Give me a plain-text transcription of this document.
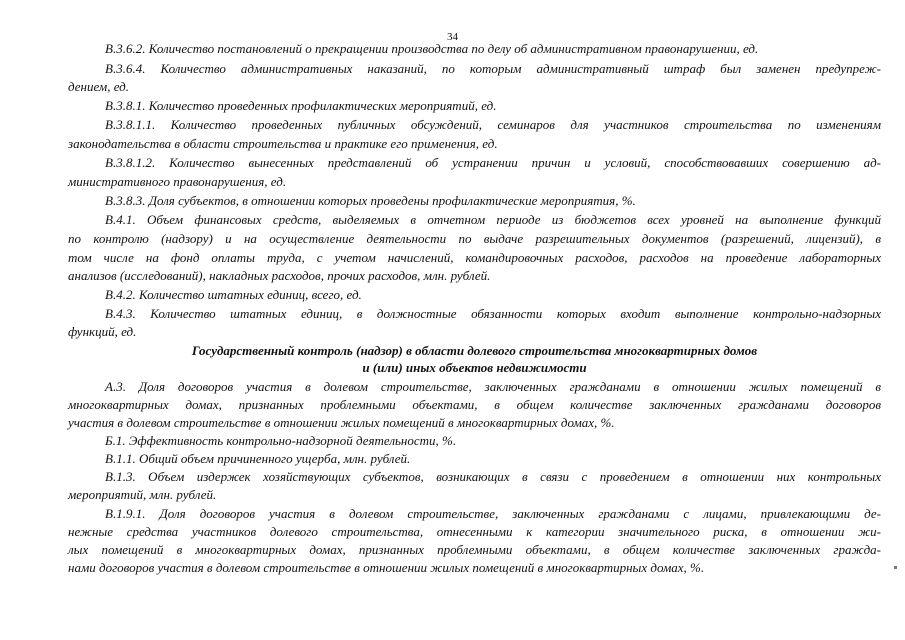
34
В.3.6.2. Количество постановлений о прекращении производства по делу об административном правонарушении, ед.
В.3.6.4. Количество административных наказаний, по которым административный штраф был заменен предупреж-
дением, ед.
В.3.8.1. Количество проведенных профилактических мероприятий, ед.
В.3.8.1.1. Количество проведенных публичных обсуждений, семинаров для участников строительства по изменениям
законодательства в области строительства и практике его применения, ед.
В.3.8.1.2. Количество вынесенных представлений об устранении причин и условий, способствовавших совершению ад-
министративного правонарушения, ед.
В.3.8.3. Доля субъектов, в отношении которых проведены профилактические мероприятия, %.
В.4.1. Объем финансовых средств, выделяемых в отчетном периоде из бюджетов всех уровней на выполнение функций
по контролю (надзору) и на осуществление деятельности по выдаче разрешительных документов (разрешений, лицензий), в
том числе на фонд оплаты труда, с учетом начислений, командировочных расходов, расходов на проведение лабораторных
анализов (исследований), накладных расходов, прочих расходов, млн. рублей.
В.4.2. Количество штатных единиц, всего, ед.
В.4.3. Количество штатных единиц, в должностные обязанности которых входит выполнение контрольно-надзорных
функций, ед.
Государственный контроль (надзор) в области долевого строительства многоквартирных домов
и (или) иных объектов недвижимости
А.3. Доля договоров участия в долевом строительстве, заключенных гражданами в отношении жилых помещений в
многоквартирных домах, признанных проблемными объектами, в общем количестве заключенных гражданами договоров
участия в долевом строительстве в отношении жилых помещений в многоквартирных домах, %.
Б.1. Эффективность контрольно-надзорной деятельности, %.
В.1.1. Общий объем причиненного ущерба, млн. рублей.
В.1.3. Объем издержек хозяйствующих субъектов, возникающих в связи с проведением в отношении них контрольных
мероприятий, млн. рублей.
В.1.9.1. Доля договоров участия в долевом строительстве, заключенных гражданами с лицами, привлекающими де-
нежные средства участников долевого строительства, отнесенными к категории значительного риска, в отношении жи-
лых помещений в многоквартирных домах, признанных проблемными объектами, в общем количестве заключенных гражда-
нами договоров участия в долевом строительстве в отношении жилых помещений в многоквартирных домах, %.
